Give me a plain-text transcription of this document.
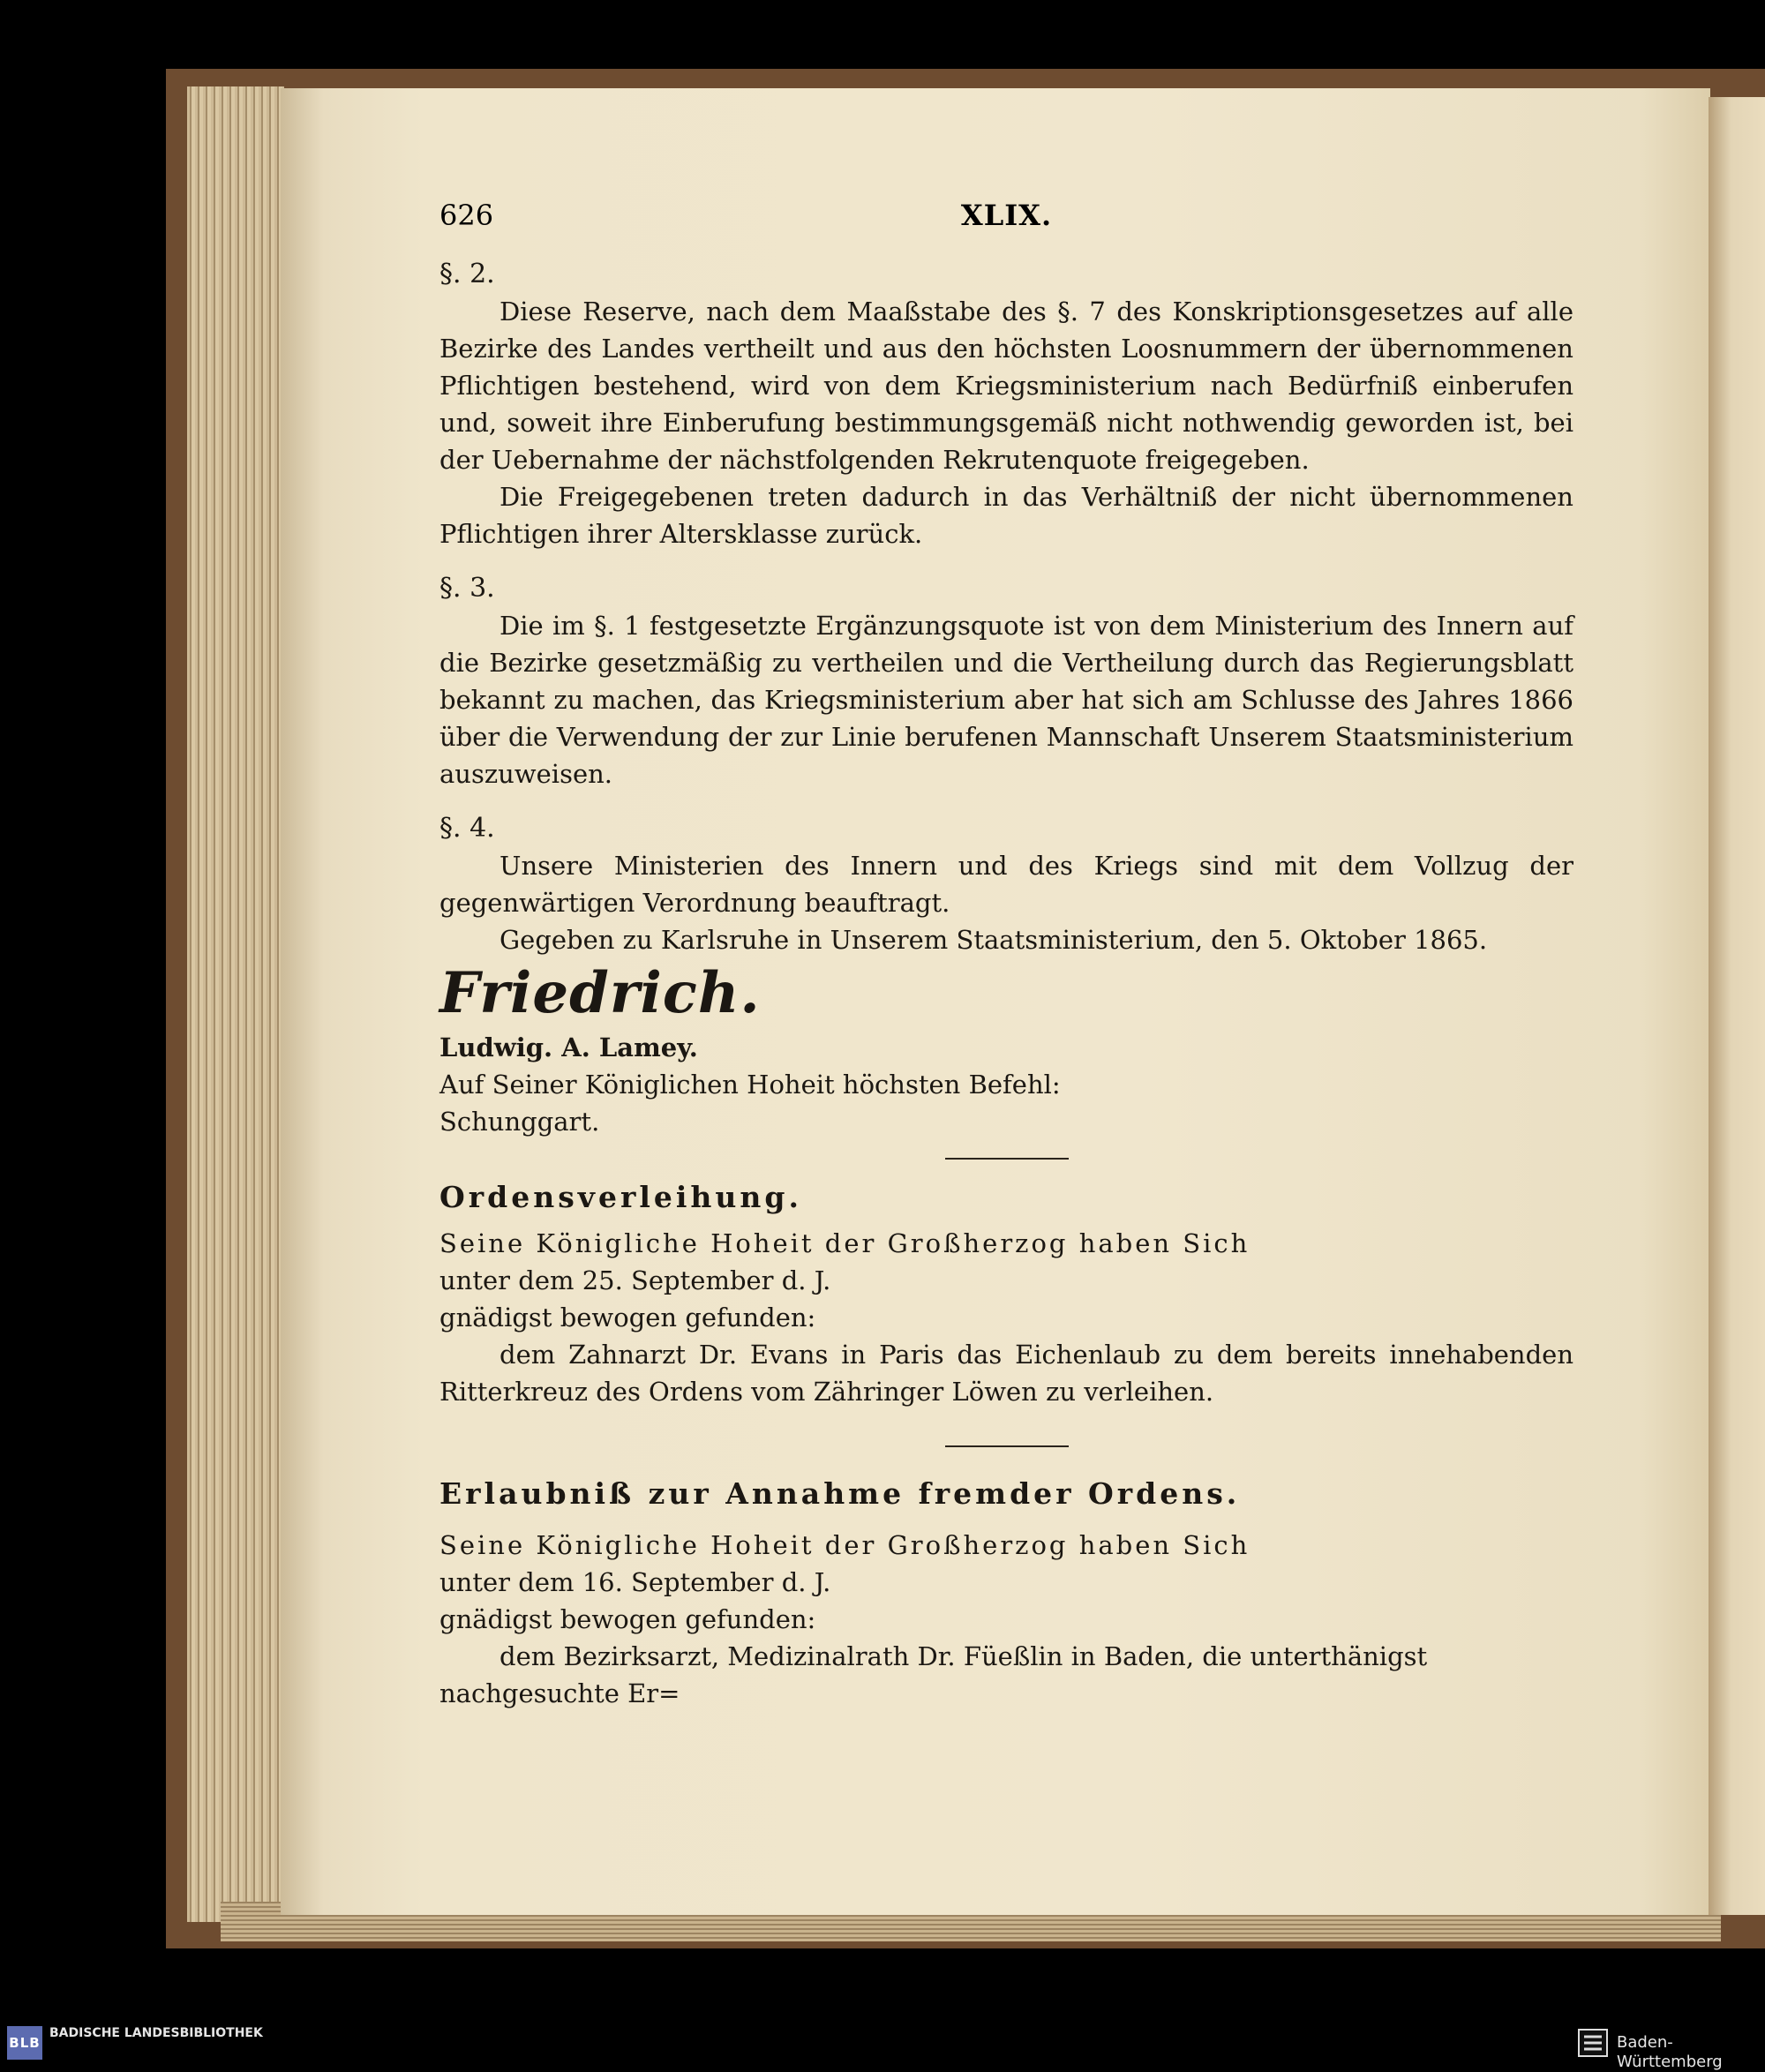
626	XLIX.

§. 2.

Diese Reserve, nach dem Maaßstabe des §. 7 des Konskriptionsgesetzes auf alle Bezirke des Landes vertheilt und aus den höchsten Loosnummern der übernommenen Pflichtigen bestehend, wird von dem Kriegsministerium nach Bedürfniß einberufen und, soweit ihre Einberufung bestimmungsgemäß nicht nothwendig geworden ist, bei der Uebernahme der nächstfolgenden Rekrutenquote freigegeben.

Die Freigegebenen treten dadurch in das Verhältniß der nicht übernommenen Pflichtigen ihrer Altersklasse zurück.

§. 3.

Die im §. 1 festgesetzte Ergänzungsquote ist von dem Ministerium des Innern auf die Bezirke gesetzmäßig zu vertheilen und die Vertheilung durch das Regierungsblatt bekannt zu machen, das Kriegsministerium aber hat sich am Schlusse des Jahres 1866 über die Verwendung der zur Linie berufenen Mannschaft Unserem Staatsministerium auszuweisen.

§. 4.

Unsere Ministerien des Innern und des Kriegs sind mit dem Vollzug der gegenwärtigen Verordnung beauftragt.

Gegeben zu Karlsruhe in Unserem Staatsministerium, den 5. Oktober 1865.

Friedrich.

Ludwig. A. Lamey.

Auf Seiner Königlichen Hoheit höchsten Befehl:

Schunggart.

Ordensverleihung.

Seine Königliche Hoheit der Großherzog haben Sich

unter dem 25. September d. J.

gnädigst bewogen gefunden:

dem Zahnarzt Dr. Evans in Paris das Eichenlaub zu dem bereits innehabenden Ritterkreuz des Ordens vom Zähringer Löwen zu verleihen.

Erlaubniß zur Annahme fremder Ordens.

Seine Königliche Hoheit der Großherzog haben Sich

unter dem 16. September d. J.

gnädigst bewogen gefunden:

dem Bezirksarzt, Medizinalrath Dr. Füeßlin in Baden, die unterthänigst nachgesuchte Er=

BLB
BADISCHE LANDESBIBLIOTHEK	Baden-Württemberg
